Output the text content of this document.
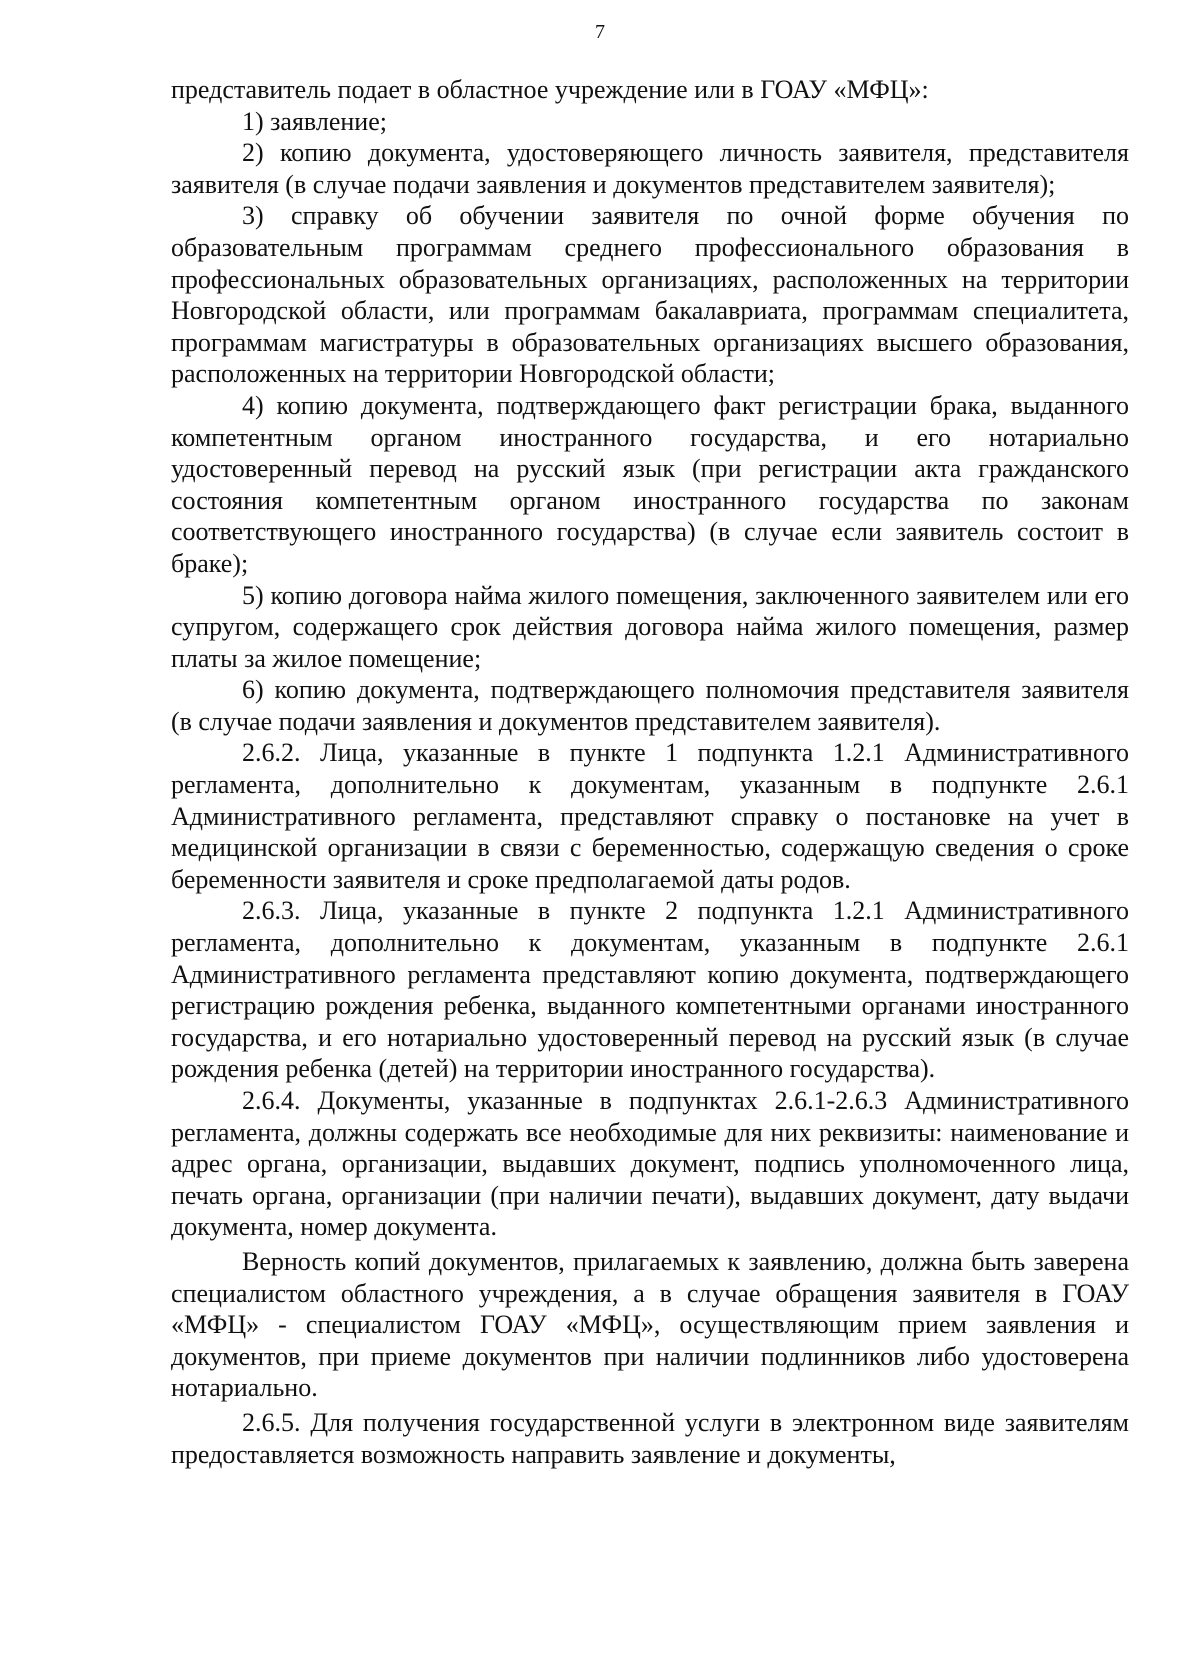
7

представитель подает в областное учреждение или в ГОАУ «МФЦ»:

1) заявление;

2) копию документа, удостоверяющего личность заявителя, представителя заявителя (в случае подачи заявления и документов представителем заявителя);

3) справку об обучении заявителя по очной форме обучения по образовательным программам среднего профессионального образования в профессиональных образовательных организациях, расположенных на территории Новгородской области, или программам бакалавриата, программам специалитета, программам магистратуры в образовательных организациях высшего образования, расположенных на территории Новгородской области;

4) копию документа, подтверждающего факт регистрации брака, выданного компетентным органом иностранного государства, и его нотариально удостоверенный перевод на русский язык (при регистрации акта гражданского состояния компетентным органом иностранного государства по законам соответствующего иностранного государства) (в случае если заявитель состоит в браке);

5) копию договора найма жилого помещения, заключенного заявителем или его супругом, содержащего срок действия договора найма жилого помещения, размер платы за жилое помещение;

6) копию документа, подтверждающего полномочия представителя заявителя (в случае подачи заявления и документов представителем заявителя).

2.6.2. Лица, указанные в пункте 1 подпункта 1.2.1 Административного регламента, дополнительно к документам, указанным в подпункте 2.6.1 Административного регламента, представляют справку о постановке на учет в медицинской организации в связи с беременностью, содержащую сведения о сроке беременности заявителя и сроке предполагаемой даты родов.

2.6.3. Лица, указанные в пункте 2 подпункта 1.2.1 Административного регламента, дополнительно к документам, указанным в подпункте 2.6.1 Административного регламента представляют копию документа, подтверждающего регистрацию рождения ребенка, выданного компетентными органами иностранного государства, и его нотариально удостоверенный перевод на русский язык (в случае рождения ребенка (детей) на территории иностранного государства).

2.6.4. Документы, указанные в подпунктах 2.6.1-2.6.3 Административного регламента, должны содержать все необходимые для них реквизиты: наименование и адрес органа, организации, выдавших документ, подпись уполномоченного лица, печать органа, организации (при наличии печати), выдавших документ, дату выдачи документа, номер документа.

Верность копий документов, прилагаемых к заявлению, должна быть заверена специалистом областного учреждения, а в случае обращения заявителя в ГОАУ «МФЦ» - специалистом ГОАУ «МФЦ», осуществляющим прием заявления и документов, при приеме документов при наличии подлинников либо удостоверена нотариально.

2.6.5. Для получения государственной услуги в электронном виде заявителям предоставляется возможность направить заявление и документы,
